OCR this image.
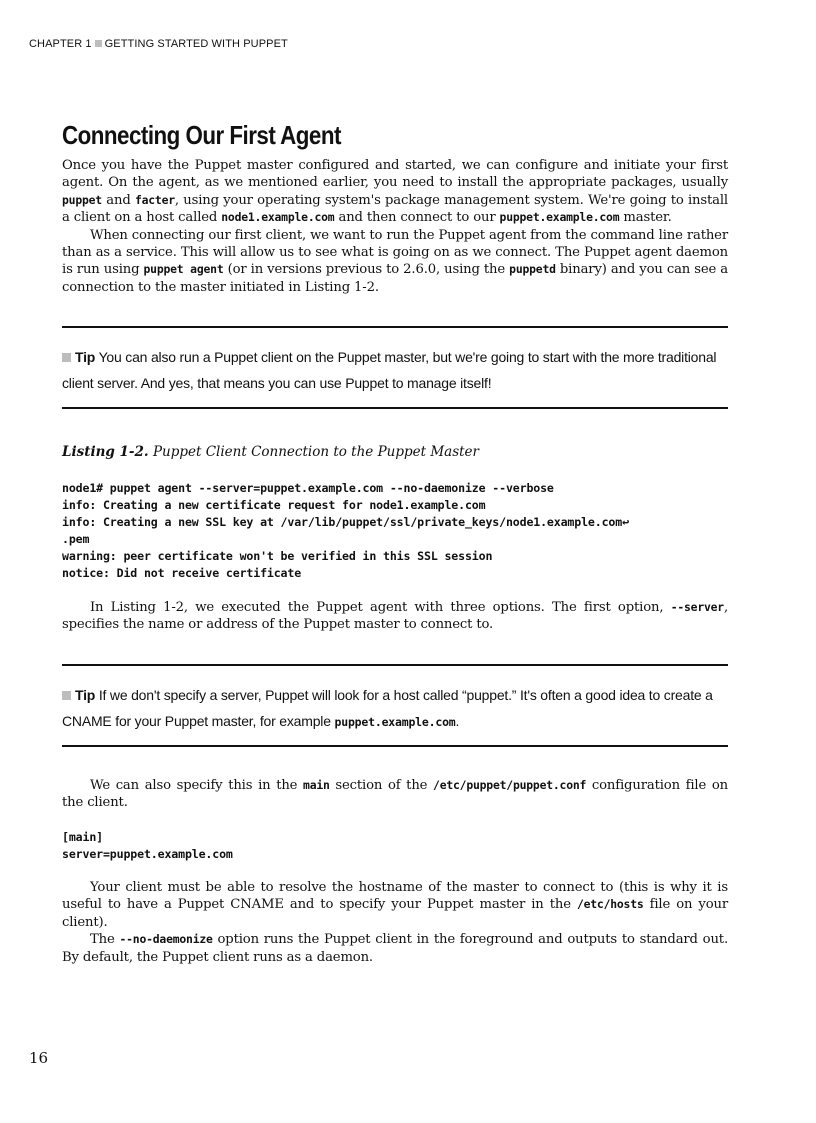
CHAPTER 1 GETTING STARTED WITH PUPPET
Connecting Our First Agent

Once you have the Puppet master configured and started, we can configure and initiate your first agent. On the agent, as we mentioned earlier, you need to install the appropriate packages, usually puppet and facter, using your operating system's package management system. We're going to install a client on a host called node1.example.com and then connect to our puppet.example.com master.

When connecting our first client, we want to run the Puppet agent from the command line rather than as a service. This will allow us to see what is going on as we connect. The Puppet agent daemon is run using puppet agent (or in versions previous to 2.6.0, using the puppetd binary) and you can see a connection to the master initiated in Listing 1-2.

Tip You can also run a Puppet client on the Puppet master, but we're going to start with the more traditional client server. And yes, that means you can use Puppet to manage itself!
Listing 1-2. Puppet Client Connection to the Puppet Master
node1# puppet agent --server=puppet.example.com --no-daemonize --verbose
info: Creating a new certificate request for node1.example.com
info: Creating a new SSL key at /var/lib/puppet/ssl/private_keys/node1.example.com↩
.pem
warning: peer certificate won't be verified in this SSL session
notice: Did not receive certificate

In Listing 1-2, we executed the Puppet agent with three options. The first option, --server, specifies the name or address of the Puppet master to connect to.

Tip If we don't specify a server, Puppet will look for a host called “puppet.” It's often a good idea to create a CNAME for your Puppet master, for example puppet.example.com.

We can also specify this in the main section of the /etc/puppet/puppet.conf configuration file on the client.

[main]
server=puppet.example.com

Your client must be able to resolve the hostname of the master to connect to (this is why it is useful to have a Puppet CNAME and to specify your Puppet master in the /etc/hosts file on your client).

The --no-daemonize option runs the Puppet client in the foreground and outputs to standard out. By default, the Puppet client runs as a daemon.

16
